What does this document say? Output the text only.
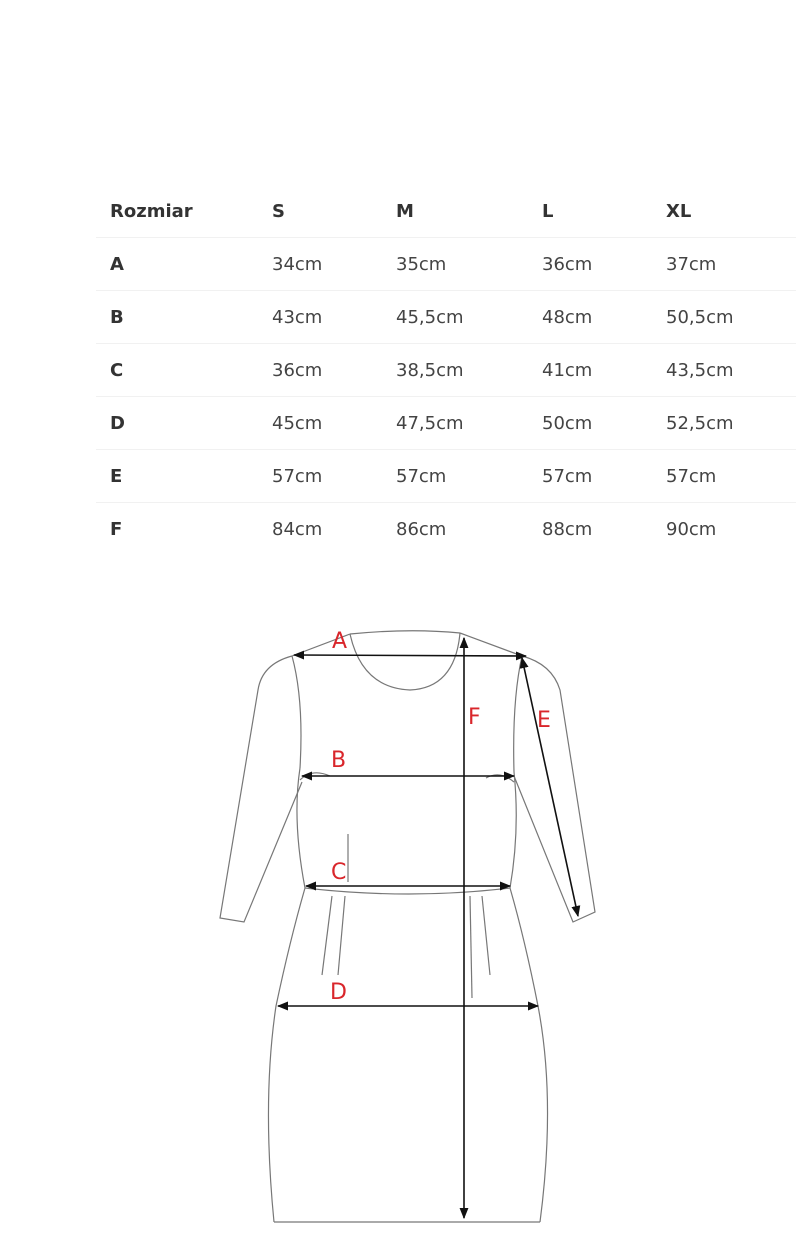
Rozmiar	S	M	L	XL
A	34cm	35cm	36cm	37cm
B	43cm	45,5cm	48cm	50,5cm
C	36cm	38,5cm	41cm	43,5cm
D	45cm	47,5cm	50cm	52,5cm
E	57cm	57cm	57cm	57cm
F	84cm	86cm	88cm	90cm
A
B
C
D
E
F
